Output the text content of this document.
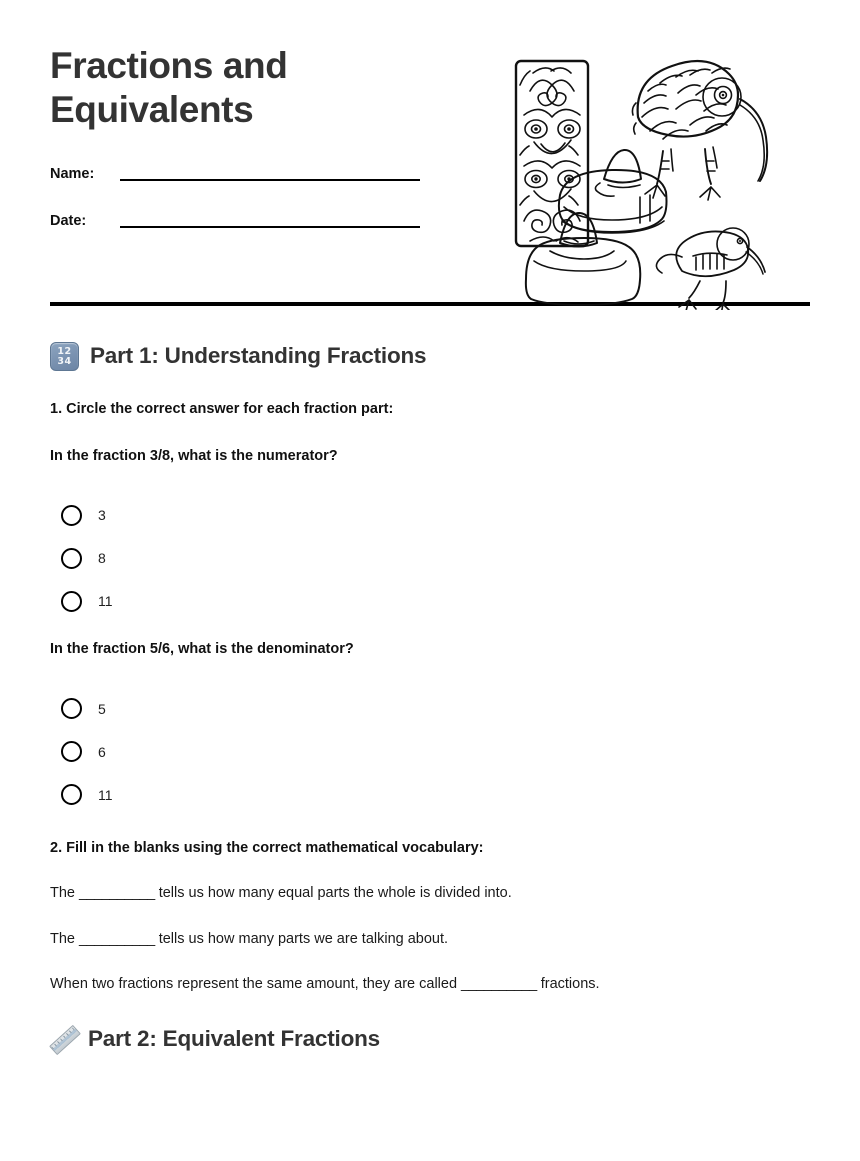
Fractions and Equivalents
Name:
Date:
12
34 Part 1: Understanding Fractions
1. Circle the correct answer for each fraction part:
In the fraction 3/8, what is the numerator?
3
8
11
In the fraction 5/6, what is the denominator?
5
6
11
2. Fill in the blanks using the correct mathematical vocabulary:
The __________ tells us how many equal parts the whole is divided into.
The __________ tells us how many parts we are talking about.
When two fractions represent the same amount, they are called __________ fractions.
Part 2: Equivalent Fractions
